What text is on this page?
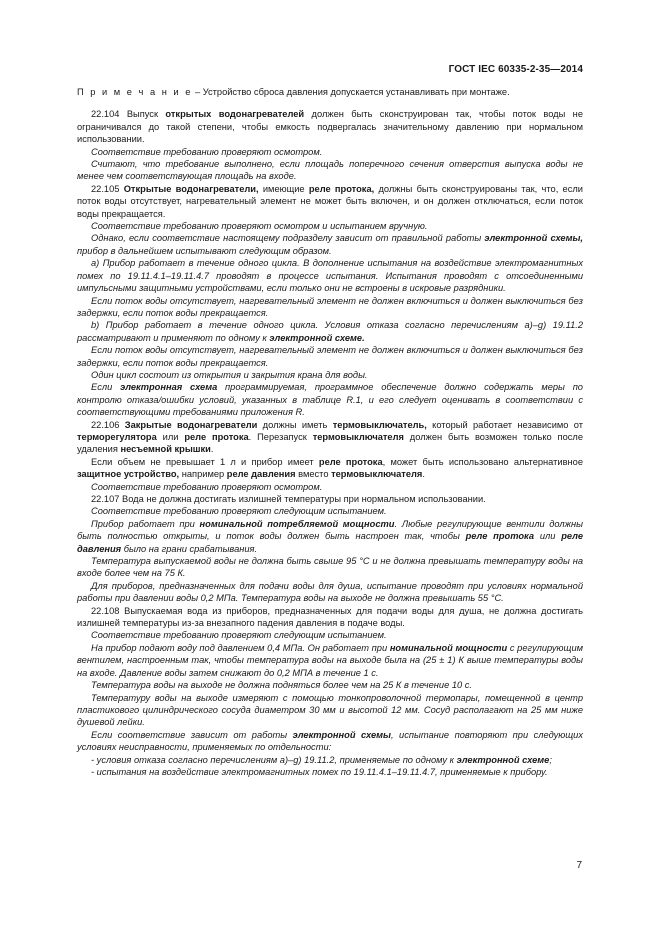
ГОСТ IEC 60335-2-35—2014
П р и м е ч а н и е – Устройство сброса давления допускается устанавливать при монтаже.

22.104 Выпуск открытых водонагревателей должен быть сконструирован так, чтобы поток воды не ограничивался до такой степени, чтобы емкость подвергалась значительному давлению при нормальном использовании.

Соответствие требованию проверяют осмотром.

Считают, что требование выполнено, если площадь поперечного сечения отверстия выпуска воды не менее чем соответствующая площадь на входе.

22.105 Открытые водонагреватели, имеющие реле протока, должны быть сконструированы так, что, если поток воды отсутствует, нагревательный элемент не может быть включен, и он должен отключаться, если поток воды прекращается.

Соответствие требованию проверяют осмотром и испытанием вручную.

Однако, если соответствие настоящему подразделу зависит от правильной работы электронной схемы, прибор в дальнейшем испытывают следующим образом.

а) Прибор работает в течение одного цикла. В дополнение испытания на воздействие электромагнитных помех по 19.11.4.1–19.11.4.7 проводят в процессе испытания. Испытания проводят с отсоединенными импульсными защитными устройствами, если только они не встроены в искровые разрядники.

Если поток воды отсутствует, нагревательный элемент не должен включиться и должен выключиться без задержки, если поток воды прекращается.

b) Прибор работает в течение одного цикла. Условия отказа согласно перечислениям а)–g) 19.11.2 рассматривают и применяют по одному к электронной схеме.

Если поток воды отсутствует, нагревательный элемент не должен включиться и должен выключиться без задержки, если поток воды прекращается.

Один цикл состоит из открытия и закрытия крана для воды.

Если электронная схема программируемая, программное обеспечение должно содержать меры по контролю отказа/ошибки условий, указанных в таблице R.1, и его следует оценивать в соответствии с соответствующими требованиями приложения R.

22.106 Закрытые водонагреватели должны иметь термовыключатель, который работает независимо от терморегулятора или реле протока. Перезапуск термовыключателя должен быть возможен только после удаления несъемной крышки.

Если объем не превышает 1 л и прибор имеет реле протока, может быть использовано альтернативное защитное устройство, например реле давления вместо термовыключателя.

Соответствие требованию проверяют осмотром.

22.107 Вода не должна достигать излишней температуры при нормальном использовании.

Соответствие требованию проверяют следующим испытанием.

Прибор работает при номинальной потребляемой мощности. Любые регулирующие вентили должны быть полностью открыты, и поток воды должен быть настроен так, чтобы реле протока или реле давления было на грани срабатывания.

Температура выпускаемой воды не должна быть свыше 95 °С и не должна превышать температуру воды на входе более чем на 75 К.

Для приборов, предназначенных для подачи воды для душа, испытание проводят при условиях нормальной работы при давлении воды 0,2 МПа. Температура воды на выходе не должна превышать 55 °С.

22.108 Выпускаемая вода из приборов, предназначенных для подачи воды для душа, не должна достигать излишней температуры из-за внезапного падения давления в подаче воды.

Соответствие требованию проверяют следующим испытанием.

На прибор подают воду под давлением 0,4 МПа. Он работает при номинальной мощности с регулирующим вентилем, настроенным так, чтобы температура воды на выходе была на (25 ± 1) К выше температуры воды на входе. Давление воды затем снижают до 0,2 МПА в течение 1 с.

Температура воды на выходе не должна подняться более чем на 25 К в течение 10 с.

Температуру воды на выходе измеряют с помощью тонкопроволочной термопары, помещенной в центр пластикового цилиндрического сосуда диаметром 30 мм и высотой 12 мм. Сосуд располагают на 25 мм ниже душевой лейки.

Если соответствие зависит от работы электронной схемы, испытание повторяют при следующих условиях неисправности, применяемых по отдельности:

- условия отказа согласно перечислениям а)–g) 19.11.2, применяемые по одному к электронной схеме;

- испытания на воздействие электромагнитных помех по 19.11.4.1–19.11.4.7, применяемые к прибору.

7
